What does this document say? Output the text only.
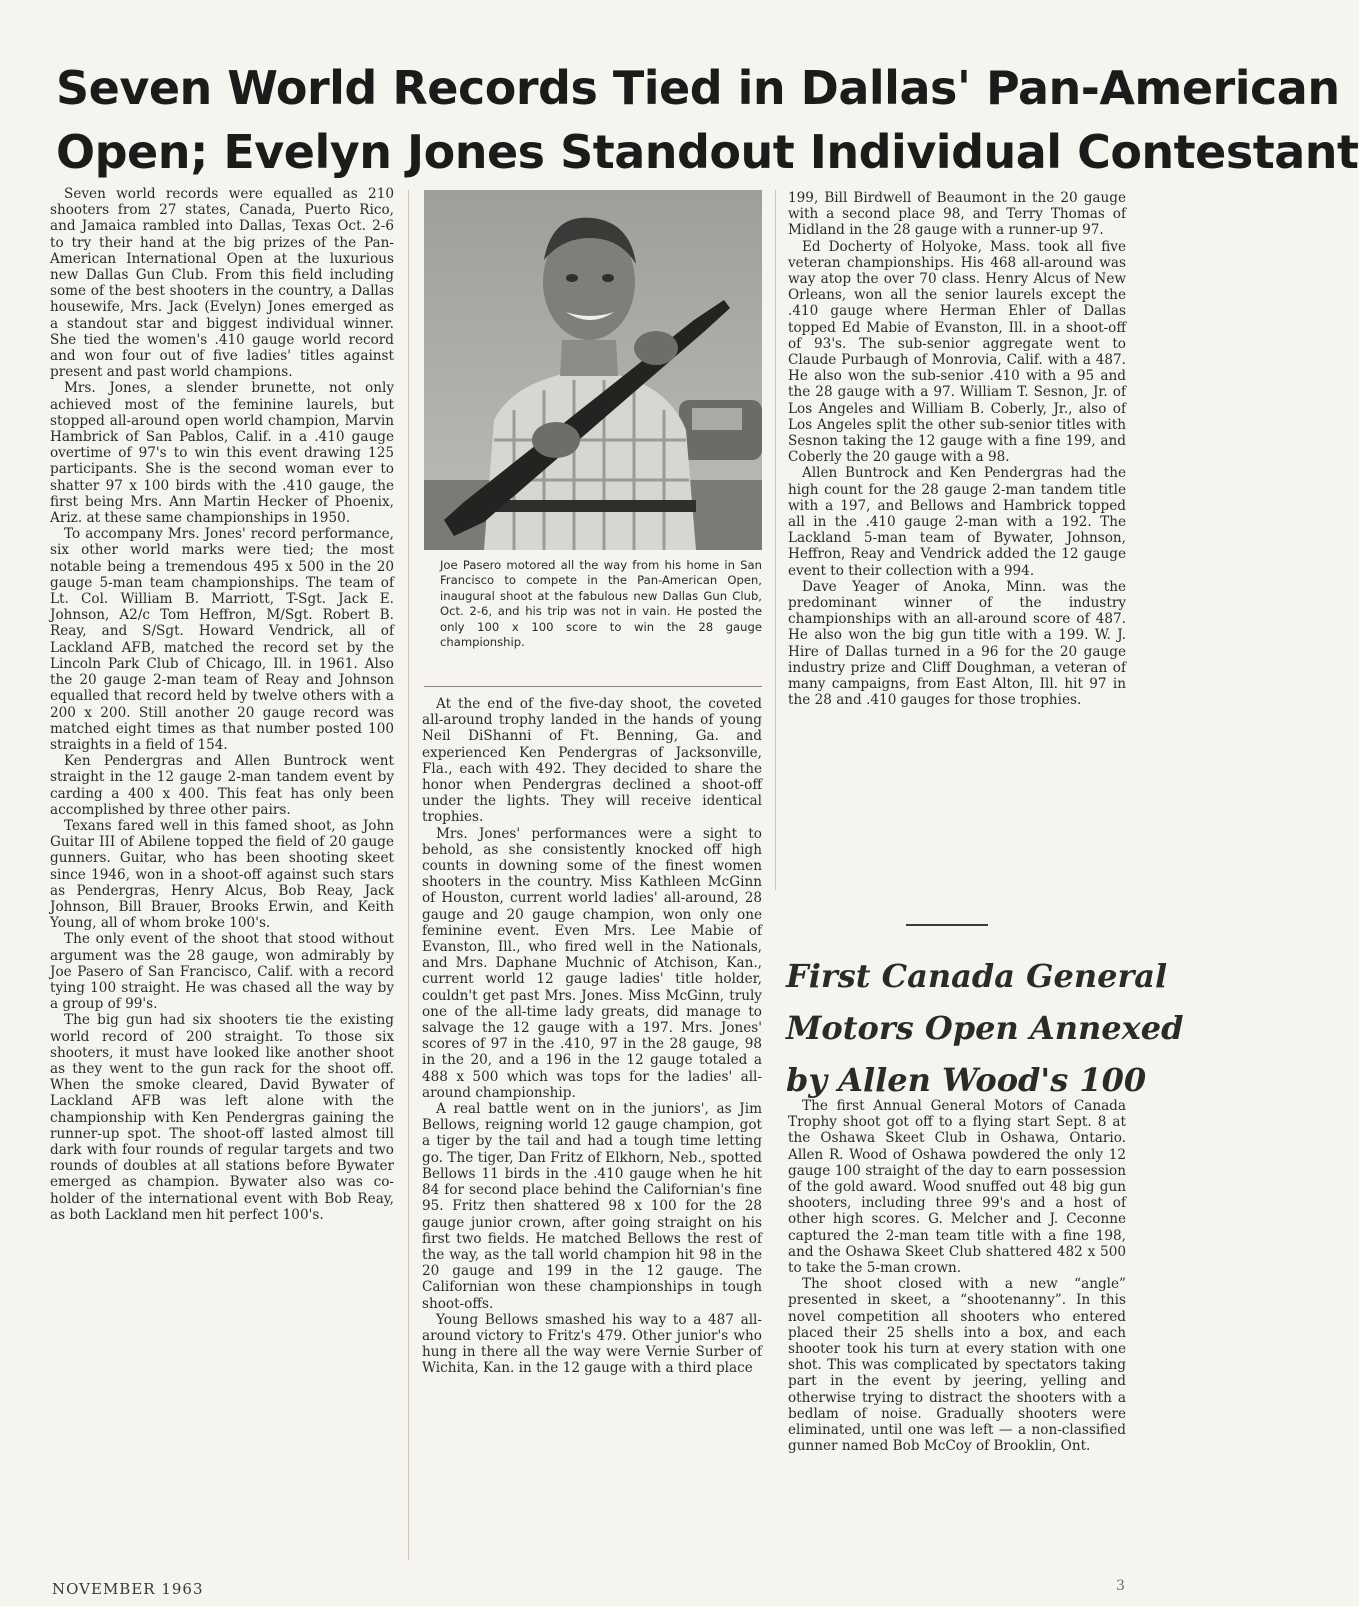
Seven World Records Tied in Dallas' Pan-American
Open; Evelyn Jones Standout Individual Contestant

Seven world records were equalled as 210 shooters from 27 states, Canada, Puerto Rico, and Jamaica rambled into Dallas, Texas Oct. 2-6 to try their hand at the big prizes of the Pan-American International Open at the luxurious new Dallas Gun Club. From this field including some of the best shooters in the country, a Dallas housewife, Mrs. Jack (Evelyn) Jones emerged as a standout star and biggest individual winner. She tied the women's .410 gauge world record and won four out of five ladies' titles against present and past world champions.

Mrs. Jones, a slender brunette, not only achieved most of the feminine laurels, but stopped all-around open world champion, Marvin Hambrick of San Pablos, Calif. in a .410 gauge overtime of 97's to win this event drawing 125 participants. She is the second woman ever to shatter 97 x 100 birds with the .410 gauge, the first being Mrs. Ann Martin Hecker of Phoenix, Ariz. at these same championships in 1950.

To accompany Mrs. Jones' record performance, six other world marks were tied; the most notable being a tremendous 495 x 500 in the 20 gauge 5-man team championships. The team of Lt. Col. William B. Marriott, T-Sgt. Jack E. Johnson, A2/c Tom Heffron, M/Sgt. Robert B. Reay, and S/Sgt. Howard Vendrick, all of Lackland AFB, matched the record set by the Lincoln Park Club of Chicago, Ill. in 1961. Also the 20 gauge 2-man team of Reay and Johnson equalled that record held by twelve others with a 200 x 200. Still another 20 gauge record was matched eight times as that number posted 100 straights in a field of 154.

Ken Pendergras and Allen Buntrock went straight in the 12 gauge 2-man tandem event by carding a 400 x 400. This feat has only been accomplished by three other pairs.

Texans fared well in this famed shoot, as John Guitar III of Abilene topped the field of 20 gauge gunners. Guitar, who has been shooting skeet since 1946, won in a shoot-off against such stars as Pendergras, Henry Alcus, Bob Reay, Jack Johnson, Bill Brauer, Brooks Erwin, and Keith Young, all of whom broke 100's.

The only event of the shoot that stood without argument was the 28 gauge, won admirably by Joe Pasero of San Francisco, Calif. with a record tying 100 straight. He was chased all the way by a group of 99's.

The big gun had six shooters tie the existing world record of 200 straight. To those six shooters, it must have looked like another shoot as they went to the gun rack for the shoot off. When the smoke cleared, David Bywater of Lackland AFB was left alone with the championship with Ken Pendergras gaining the runner-up spot. The shoot-off lasted almost till dark with four rounds of regular targets and two rounds of doubles at all stations before Bywater emerged as champion. Bywater also was co-holder of the international event with Bob Reay, as both Lackland men hit perfect 100's.

Joe Pasero motored all the way from his home in San Francisco to compete in the Pan-American Open, inaugural shoot at the fabulous new Dallas Gun Club, Oct. 2-6, and his trip was not in vain. He posted the only 100 x 100 score to win the 28 gauge championship.

At the end of the five-day shoot, the coveted all-around trophy landed in the hands of young Neil DiShanni of Ft. Benning, Ga. and experienced Ken Pendergras of Jacksonville, Fla., each with 492. They decided to share the honor when Pendergras declined a shoot-off under the lights. They will receive identical trophies.

Mrs. Jones' performances were a sight to behold, as she consistently knocked off high counts in downing some of the finest women shooters in the country. Miss Kathleen McGinn of Houston, current world ladies' all-around, 28 gauge and 20 gauge champion, won only one feminine event. Even Mrs. Lee Mabie of Evanston, Ill., who fired well in the Nationals, and Mrs. Daphane Muchnic of Atchison, Kan., current world 12 gauge ladies' title holder, couldn't get past Mrs. Jones. Miss McGinn, truly one of the all-time lady greats, did manage to salvage the 12 gauge with a 197. Mrs. Jones' scores of 97 in the .410, 97 in the 28 gauge, 98 in the 20, and a 196 in the 12 gauge totaled a 488 x 500 which was tops for the ladies' all-around championship.

A real battle went on in the juniors', as Jim Bellows, reigning world 12 gauge champion, got a tiger by the tail and had a tough time letting go. The tiger, Dan Fritz of Elkhorn, Neb., spotted Bellows 11 birds in the .410 gauge when he hit 84 for second place behind the Californian's fine 95. Fritz then shattered 98 x 100 for the 28 gauge junior crown, after going straight on his first two fields. He matched Bellows the rest of the way, as the tall world champion hit 98 in the 20 gauge and 199 in the 12 gauge. The Californian won these championships in tough shoot-offs.

Young Bellows smashed his way to a 487 all-around victory to Fritz's 479. Other junior's who hung in there all the way were Vernie Surber of Wichita, Kan. in the 12 gauge with a third place

199, Bill Birdwell of Beaumont in the 20 gauge with a second place 98, and Terry Thomas of Midland in the 28 gauge with a runner-up 97.

Ed Docherty of Holyoke, Mass. took all five veteran championships. His 468 all-around was way atop the over 70 class. Henry Alcus of New Orleans, won all the senior laurels except the .410 gauge where Herman Ehler of Dallas topped Ed Mabie of Evanston, Ill. in a shoot-off of 93's. The sub-senior aggregate went to Claude Purbaugh of Monrovia, Calif. with a 487. He also won the sub-senior .410 with a 95 and the 28 gauge with a 97. William T. Sesnon, Jr. of Los Angeles and William B. Coberly, Jr., also of Los Angeles split the other sub-senior titles with Sesnon taking the 12 gauge with a fine 199, and Coberly the 20 gauge with a 98.

Allen Buntrock and Ken Pendergras had the high count for the 28 gauge 2-man tandem title with a 197, and Bellows and Hambrick topped all in the .410 gauge 2-man with a 192. The Lackland 5-man team of Bywater, Johnson, Heffron, Reay and Vendrick added the 12 gauge event to their collection with a 994.

Dave Yeager of Anoka, Minn. was the predominant winner of the industry championships with an all-around score of 487. He also won the big gun title with a 199. W. J. Hire of Dallas turned in a 96 for the 20 gauge industry prize and Cliff Doughman, a veteran of many campaigns, from East Alton, Ill. hit 97 in the 28 and .410 gauges for those trophies.

First Canada General
Motors Open Annexed
by Allen Wood's 100

The first Annual General Motors of Canada Trophy shoot got off to a flying start Sept. 8 at the Oshawa Skeet Club in Oshawa, Ontario. Allen R. Wood of Oshawa powdered the only 12 gauge 100 straight of the day to earn possession of the gold award. Wood snuffed out 48 big gun shooters, including three 99's and a host of other high scores. G. Melcher and J. Ceconne captured the 2-man team title with a fine 198, and the Oshawa Skeet Club shattered 482 x 500 to take the 5-man crown.

The shoot closed with a new “angle” presented in skeet, a “shootenanny”. In this novel competition all shooters who entered placed their 25 shells into a box, and each shooter took his turn at every station with one shot. This was complicated by spectators taking part in the event by jeering, yelling and otherwise trying to distract the shooters with a bedlam of noise. Gradually shooters were eliminated, until one was left — a non-classified gunner named Bob McCoy of Brooklin, Ont.

NOVEMBER 1963	3
